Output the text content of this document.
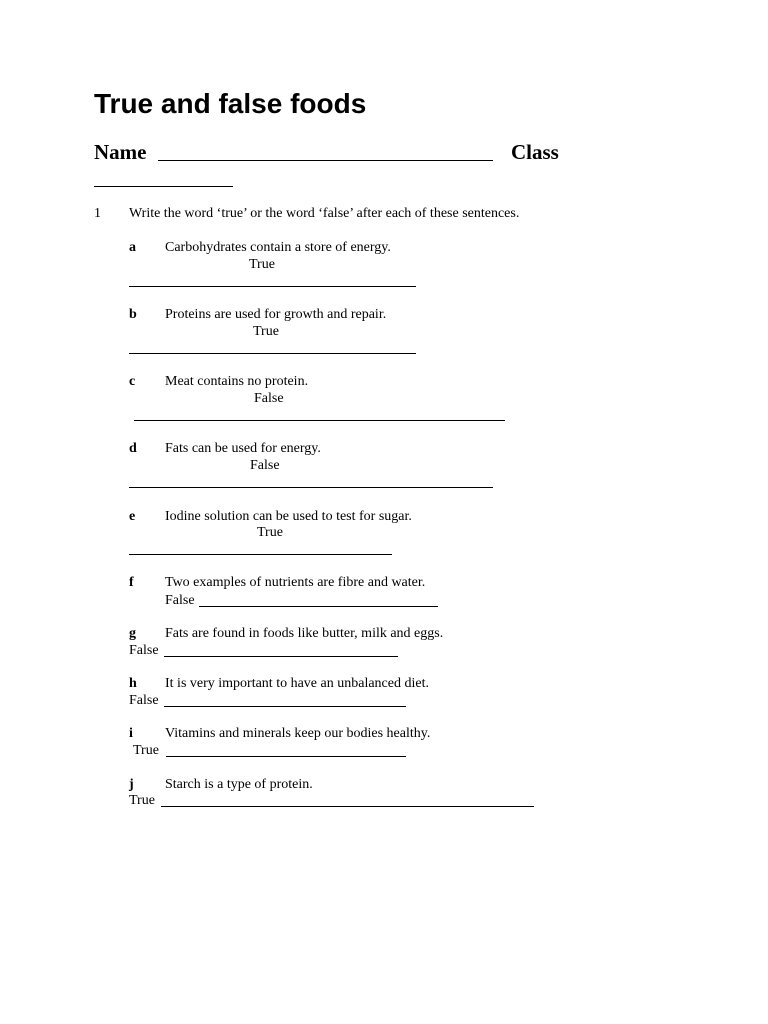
True and false foods
Name	Class
1 Write the word ‘true’ or the word ‘false’ after each of these sentences.
a Carbohydrates contain a store of energy.
True
b Proteins are used for growth and repair.
True
c Meat contains no protein.
False
d Fats can be used for energy.
False
e Iodine solution can be used to test for sugar.
True
f Two examples of nutrients are fibre and water.
False
g Fats are found in foods like butter, milk and eggs.
False
h It is very important to have an unbalanced diet.
False
i Vitamins and minerals keep our bodies healthy.
True
j Starch is a type of protein.
True
